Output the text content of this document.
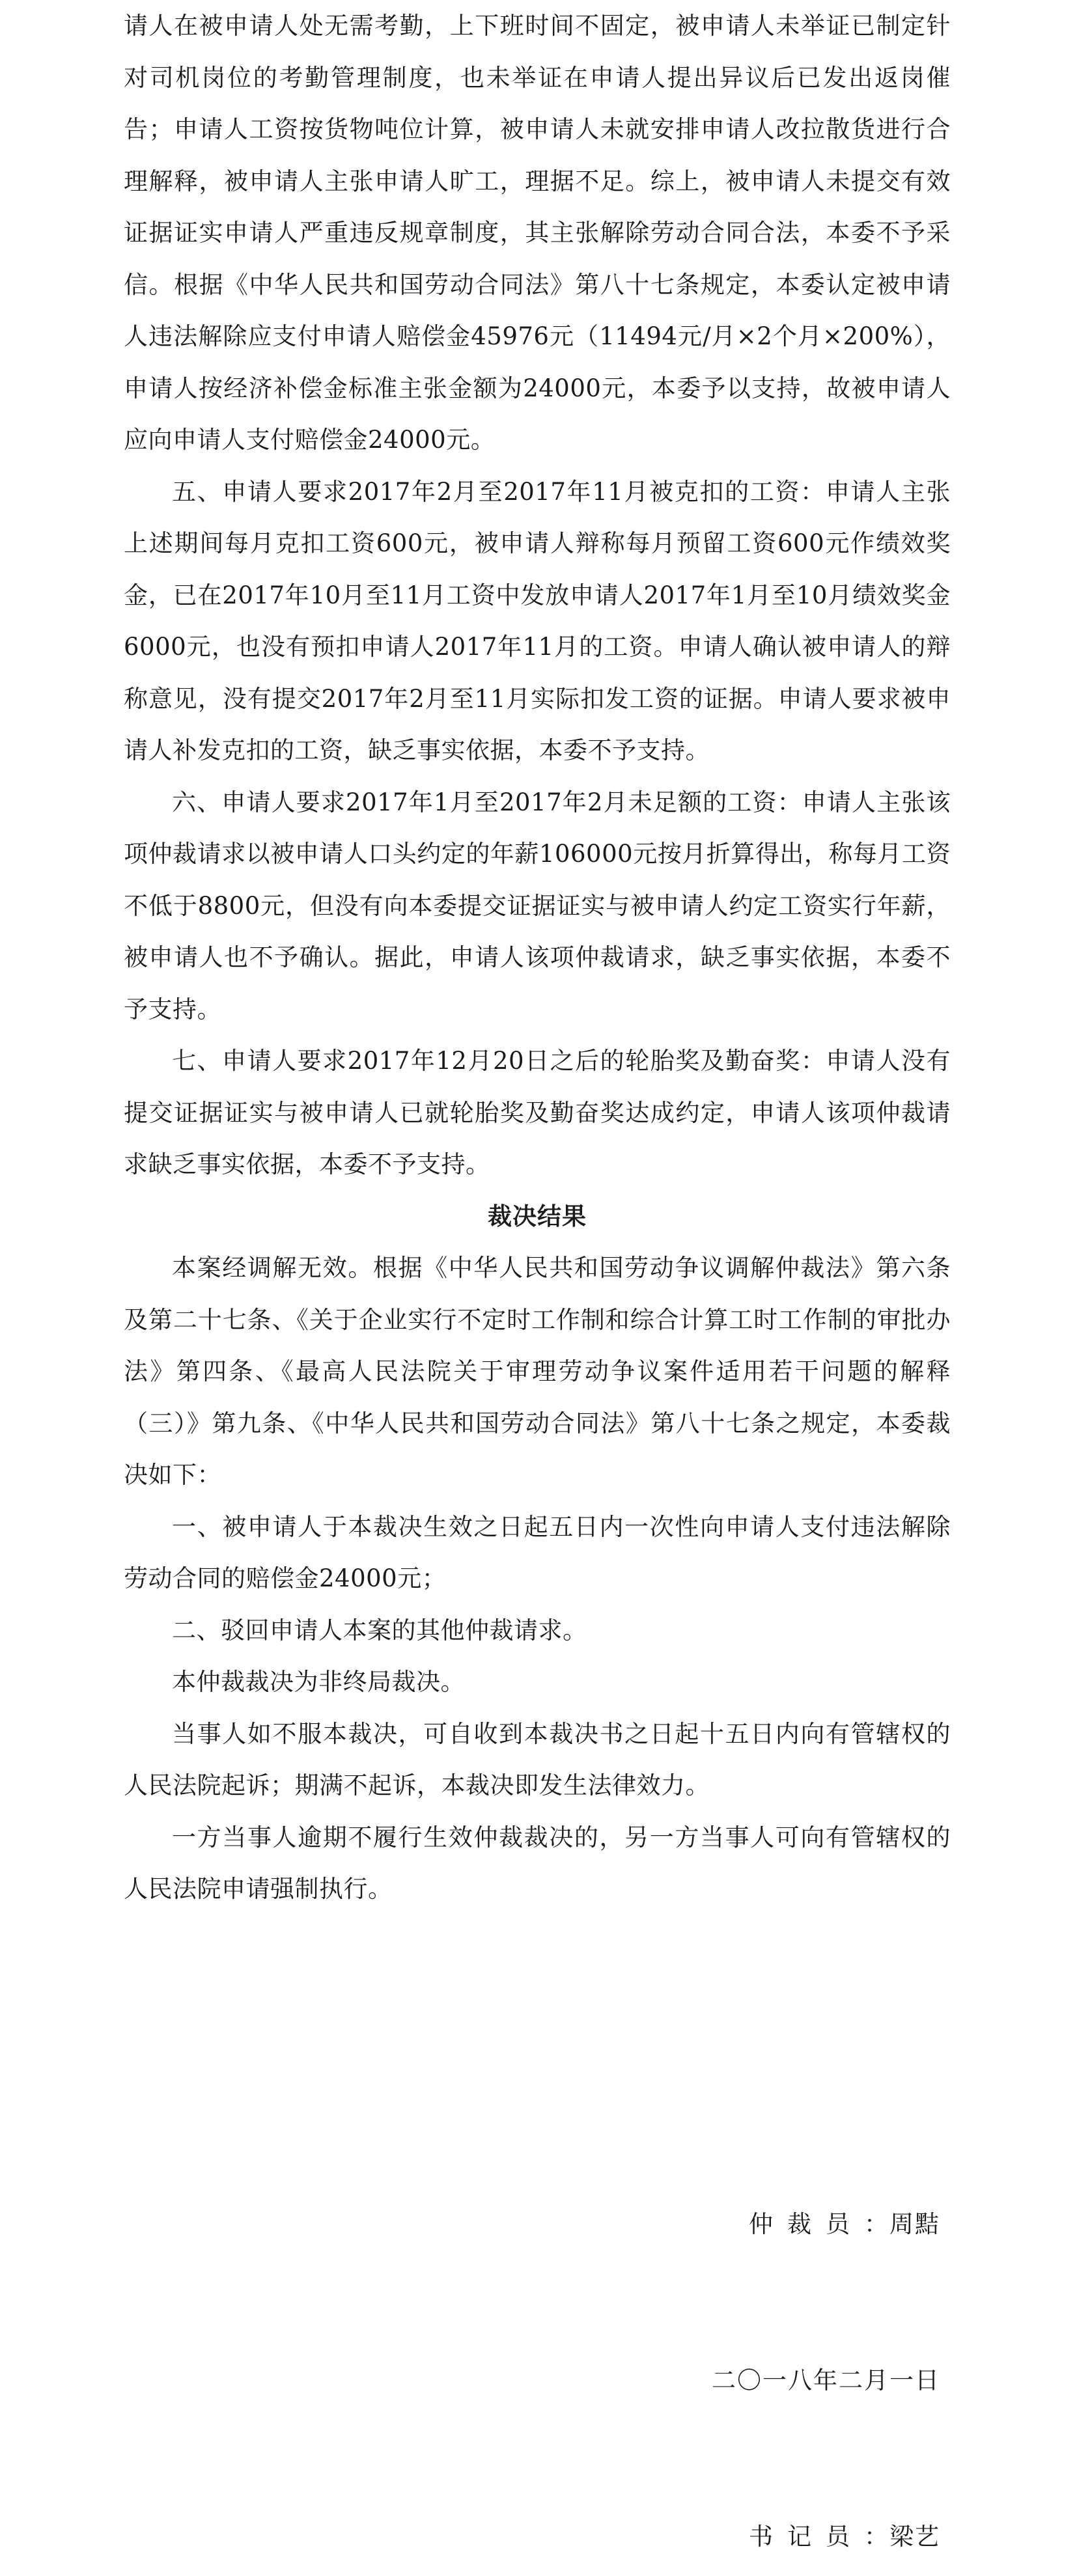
请人在被申请人处无需考勤，上下班时间不固定，被申请人未举证已制定针对司机岗位的考勤管理制度，也未举证在申请人提出异议后已发出返岗催告；申请人工资按货物吨位计算，被申请人未就安排申请人改拉散货进行合理解释，被申请人主张申请人旷工，理据不足。综上，被申请人未提交有效证据证实申请人严重违反规章制度，其主张解除劳动合同合法，本委不予采信。根据《中华人民共和国劳动合同法》第八十七条规定，本委认定被申请人违法解除应支付申请人赔偿金45976元（11494元/月×2个月×200%），申请人按经济补偿金标准主张金额为24000元，本委予以支持，故被申请人应向申请人支付赔偿金24000元。

五、申请人要求2017年2月至2017年11月被克扣的工资：申请人主张上述期间每月克扣工资600元，被申请人辩称每月预留工资600元作绩效奖金，已在2017年10月至11月工资中发放申请人2017年1月至10月绩效奖金6000元，也没有预扣申请人2017年11月的工资。申请人确认被申请人的辩称意见，没有提交2017年2月至11月实际扣发工资的证据。申请人要求被申请人补发克扣的工资，缺乏事实依据，本委不予支持。

六、申请人要求2017年1月至2017年2月未足额的工资：申请人主张该项仲裁请求以被申请人口头约定的年薪106000元按月折算得出，称每月工资不低于8800元，但没有向本委提交证据证实与被申请人约定工资实行年薪，被申请人也不予确认。据此，申请人该项仲裁请求，缺乏事实依据，本委不予支持。

七、申请人要求2017年12月20日之后的轮胎奖及勤奋奖：申请人没有提交证据证实与被申请人已就轮胎奖及勤奋奖达成约定，申请人该项仲裁请求缺乏事实依据，本委不予支持。

裁决结果

本案经调解无效。根据《中华人民共和国劳动争议调解仲裁法》第六条及第二十七条、《关于企业实行不定时工作制和综合计算工时工作制的审批办法》第四条、《最高人民法院关于审理劳动争议案件适用若干问题的解释（三）》第九条、《中华人民共和国劳动合同法》第八十七条之规定，本委裁决如下：

一、被申请人于本裁决生效之日起五日内一次性向申请人支付违法解除劳动合同的赔偿金24000元；

二、驳回申请人本案的其他仲裁请求。

本仲裁裁决为非终局裁决。

当事人如不服本裁决，可自收到本裁决书之日起十五日内向有管辖权的人民法院起诉；期满不起诉，本裁决即发生法律效力。

一方当事人逾期不履行生效仲裁裁决的，另一方当事人可向有管辖权的人民法院申请强制执行。

仲裁员：周黠
二〇一八年二月一日
书记员：梁艺
